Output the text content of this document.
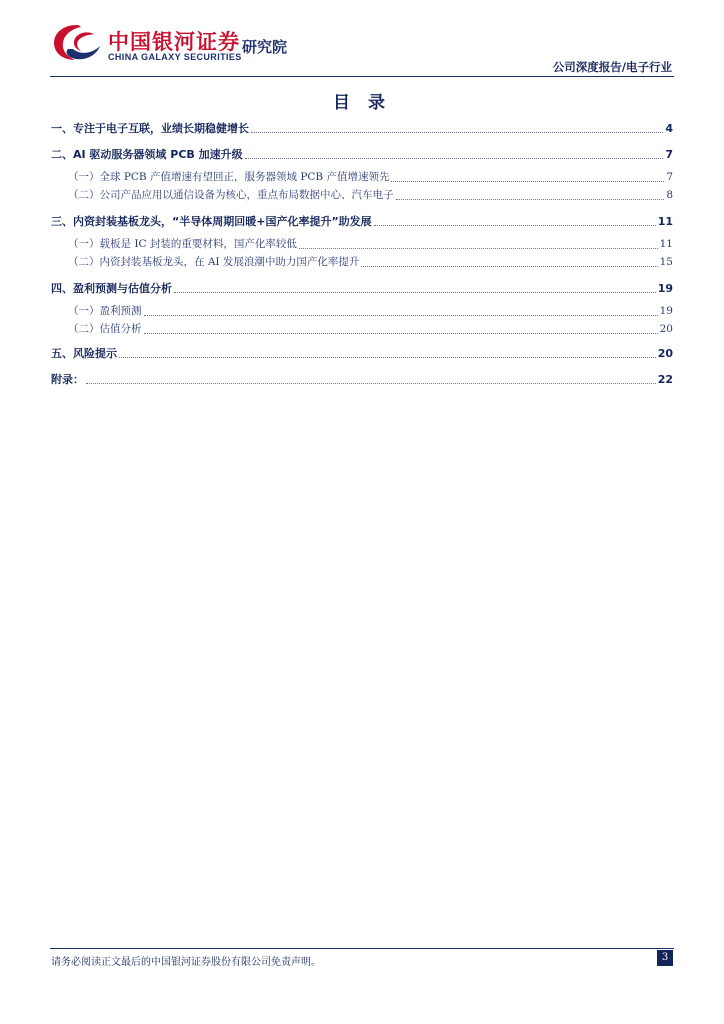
中国银河证券
CHINA GALAXY SECURITIES
研究院
公司深度报告/电子行业
目 录
一、专注于电子互联，业绩长期稳健增长	4
二、AI 驱动服务器领域 PCB 加速升级	7
（一）全球 PCB 产值增速有望回正，服务器领域 PCB 产值增速领先	7
（二）公司产品应用以通信设备为核心，重点布局数据中心、汽车电子	8
三、内资封装基板龙头，“半导体周期回暖+国产化率提升”助发展	11
（一）载板是 IC 封装的重要材料，国产化率较低	11
（二）内资封装基板龙头，在 AI 发展浪潮中助力国产化率提升	15
四、盈利预测与估值分析	19
（一）盈利预测	19
（二）估值分析	20
五、风险提示	20
附录：	22
请务必阅读正文最后的中国银河证券股份有限公司免责声明。	3
